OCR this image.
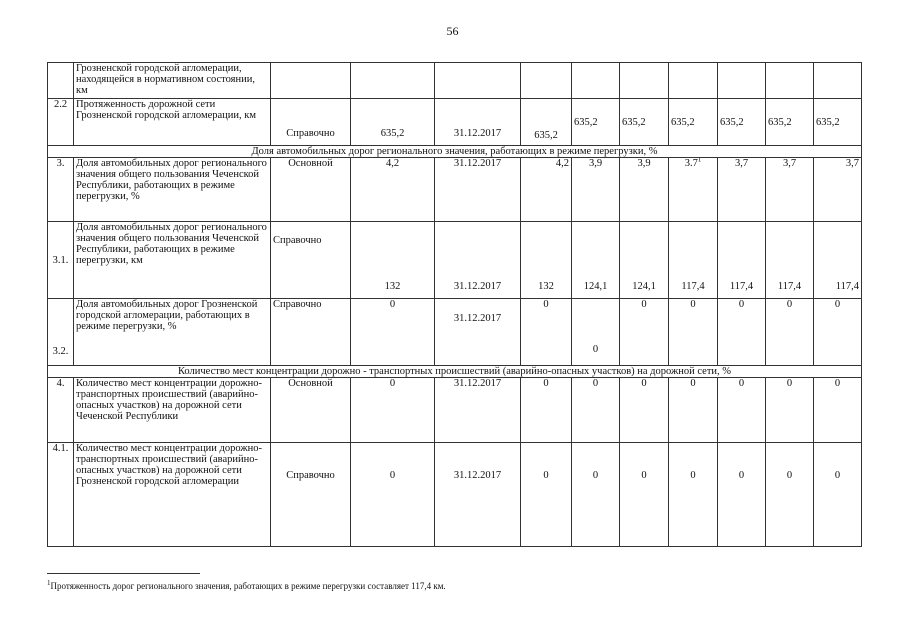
56
	Грозненской городской агломерации, находящейся в нормативном состоянии, км										
2.2	Протяженность дорожной сети Грозненской городской агломерации, км	Справочно	635,2	31.12.2017	635,2	635,2	635,2	635,2	635,2	635,2	635,2
Доля автомобильных дорог регионального значения, работающих в режиме перегрузки, %											
3.	Доля автомобильных дорог регионального значения общего пользования Чеченской Республики, работающих в режиме перегрузки, %	Основной	4,2	31.12.2017	4,2	3,9	3,9	$3.7^1$	3,7	3,7	3,7
3.1.	Доля автомобильных дорог регионального значения общего пользования Чеченской Республики, работающих в режиме перегрузки, км	Справочно	132	31.12.2017	132	124,1	124,1	117,4	117,4	117,4	117,4
3.2.	Доля автомобильных дорог Грозненской городской агломерации, работающих в режиме перегрузки, %	Справочно	0	31.12.2017	0	0	0	0	0	0	0
Количество мест концентрации дорожно - транспортных происшествий (аварийно-опасных участков) на дорожной сети, %											
4.	Количество мест концентрации дорожно-транспортных происшествий (аварийно-опасных участков) на дорожной сети Чеченской Республики	Основной	0	31.12.2017	0	0	0	0	0	0	0
4.1.	Количество мест концентрации дорожно-транспортных происшествий (аварийно-опасных участков) на дорожной сети Грозненской городской агломерации	Справочно	0	31.12.2017	0	0	0	0	0	0	0
$^1$Протяженность дорог регионального значения, работающих в режиме перегрузки составляет 117,4 км.
